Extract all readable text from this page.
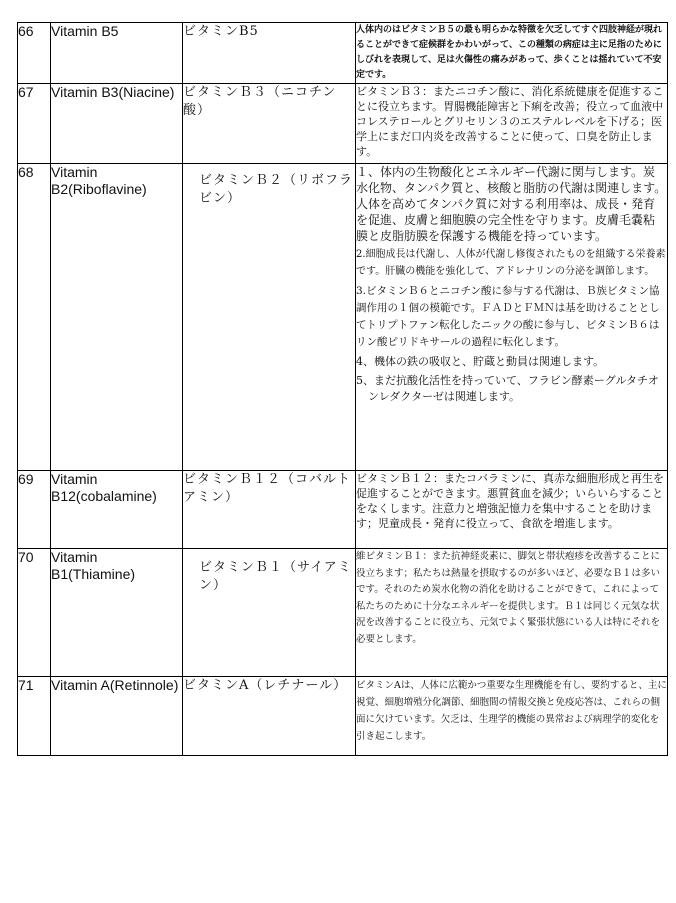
66	Vitamin B5	ビタミンB5	人体内のはビタミンＢ５の最も明らかな特徴を欠乏してすぐ四肢神経が現れることができて症候群をかわいがって、この種類の病症は主に足指のためにしびれを表現して、足は火傷性の痛みがあって、歩くことは揺れていて不安定です。

67	Vitamin B3(Niacine)	ビタミンＢ３（ニコチン酸）	ビタミンＢ３：またニコチン酸に、消化系統健康を促進することに役立ちます。胃腸機能障害と下痢を改善；役立って血液中コレステロールとグリセリン３のエステルレベルを下げる；医学上にまだ口内炎を改善することに使って、口臭を防止します。

68	Vitamin B2(Riboflavine)	ビタミンＢ２（リボフラビン）	１、体内の生物酸化とエネルギー代謝に関与します。炭水化物、タンパク質と、核酸と脂肪の代謝は関連します。人体を高めてタンパク質に対する利用率は、成長・発育を促進、皮膚と細胞膜の完全性を守ります。皮膚毛嚢粘膜と皮脂肪膜を保護する機能を持っています。

2.細胞成長は代謝し、人体が代謝し修復されたものを組織する栄養素です。肝臓の機能を強化して、アドレナリンの分泌を調節します。

3.ビタミンＢ６とニコチン酸に参与する代謝は、Ｂ族ビタミン協調作用の１個の模範です。ＦＡＤとＦＭＮは基を助けることとしてトリプトファン転化したニックの酸に参与し、ビタミンＢ６はリン酸ピリドキサールの過程に転化します。

4、機体の鉄の吸収と、貯蔵と動員は関連します。

5、まだ抗酸化活性を持っていて、フラビン酵素ーグルタチオンレダクターゼは関連します。

69	Vitamin B12(cobalamine)	ビタミンＢ１２（コバルトアミン）	ビタミンＢ１２：またコバラミンに、真赤な細胞形成と再生を促進することができます。悪質貧血を減少；いらいらすることをなくします。注意力と増強記憶力を集中することを助けます；児童成長・発育に役立って、食欲を増進します。

70	Vitamin B1(Thiamine)	ビタミンＢ１（サイアミン）	維ビタミンＢ１：また抗神経炎素に、脚気と帯状疱疹を改善することに役立ちます；私たちは熱量を摂取するのが多いほど、必要なＢ１は多いです。それのため炭水化物の消化を助けることができて、これによって私たちのために十分なエネルギーを提供します。Ｂ１は同じく元気な状況を改善することに役立ち、元気でよく緊張状態にいる人は特にそれを必要とします。

71	Vitamin A(Retinnole)	ビタミンA（レチナール）	ビタミンAは、人体に広範かつ重要な生理機能を有し、要約すると、主に視覚、細胞増殖分化調節、細胞間の情報交換と免疫応答は、これらの側面に欠けています。欠乏は、生理学的機能の異常および病理学的変化を引き起こします。
